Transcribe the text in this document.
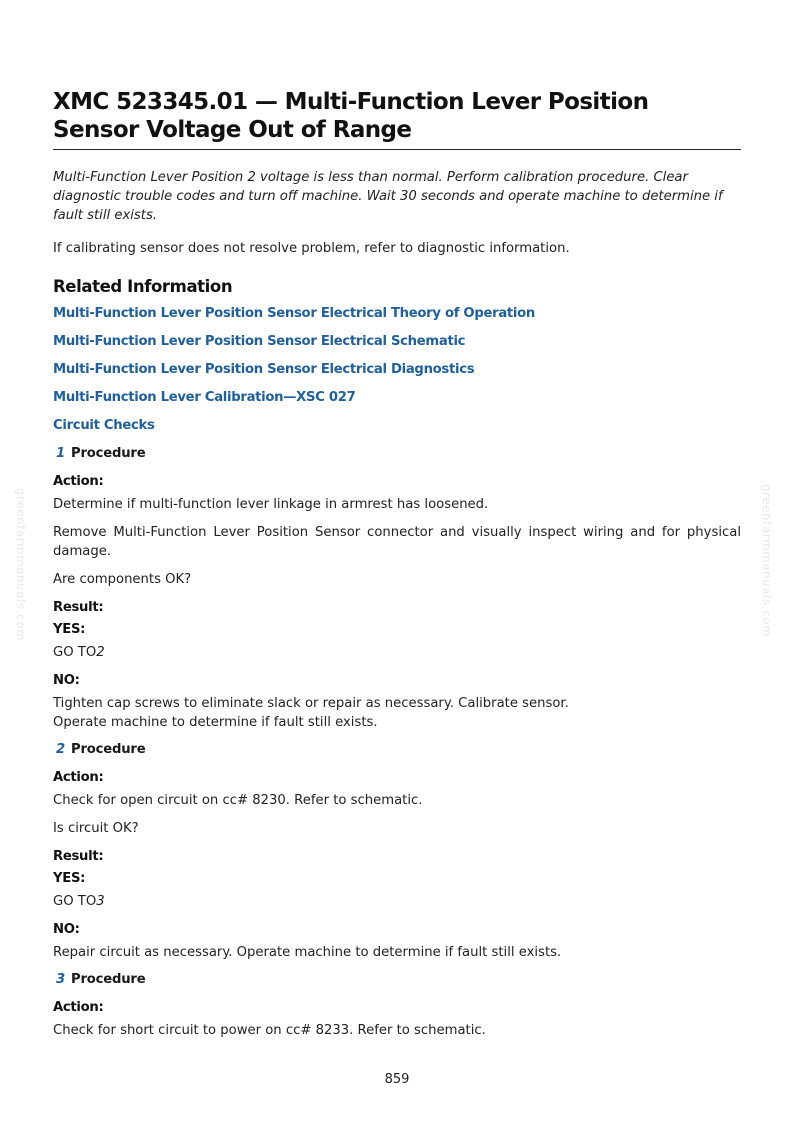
greenfarmmanuals.com	greenfarmmanuals.com
XMC 523345.01 — Multi-Function Lever Position Sensor Voltage Out of Range

Multi-Function Lever Position 2 voltage is less than normal. Perform calibration procedure. Clear diagnostic trouble codes and turn off machine. Wait 30 seconds and operate machine to determine if fault still exists.

If calibrating sensor does not resolve problem, refer to diagnostic information.

Related Information
Multi-Function Lever Position Sensor Electrical Theory of Operation
Multi-Function Lever Position Sensor Electrical Schematic
Multi-Function Lever Position Sensor Electrical Diagnostics
Multi-Function Lever Calibration—XSC 027
Circuit Checks
1 Procedure
Action:

Determine if multi-function lever linkage in armrest has loosened.

Remove Multi-Function Lever Position Sensor connector and visually inspect wiring and for physical damage.

Are components OK?

Result:
YES:

GO TO2

NO:

Tighten cap screws to eliminate slack or repair as necessary. Calibrate sensor.

Operate machine to determine if fault still exists.

2 Procedure
Action:

Check for open circuit on cc# 8230. Refer to schematic.

Is circuit OK?

Result:
YES:

GO TO3

NO:

Repair circuit as necessary. Operate machine to determine if fault still exists.

3 Procedure
Action:

Check for short circuit to power on cc# 8233. Refer to schematic.

859
